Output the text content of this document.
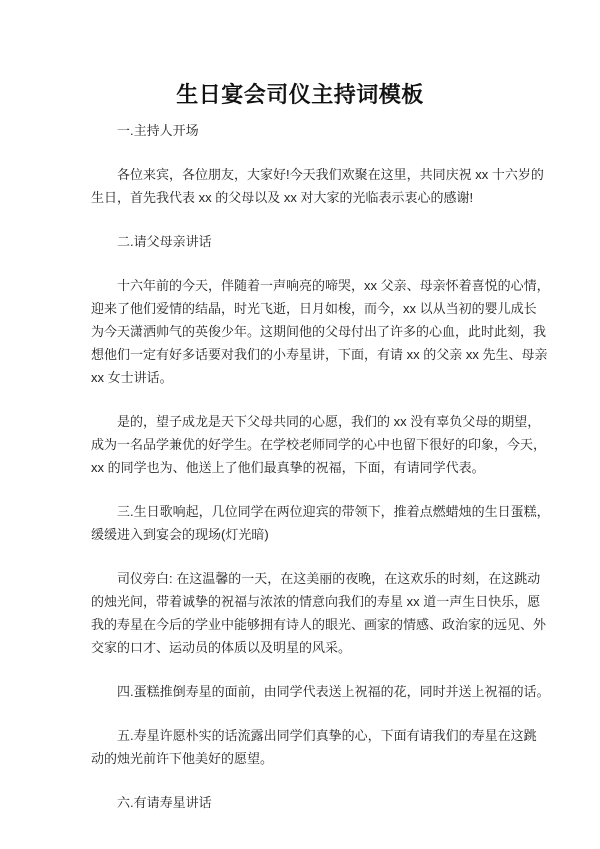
生日宴会司仪主持词模板
一.主持人开场
各位来宾，各位朋友，大家好!今天我们欢聚在这里，共同庆祝 xx 十六岁的
生日，首先我代表 xx 的父母以及 xx 对大家的光临表示衷心的感谢!
二.请父母亲讲话
十六年前的今天，伴随着一声响亮的啼哭，xx 父亲、母亲怀着喜悦的心情，
迎来了他们爱情的结晶，时光飞逝，日月如梭，而今，xx 以从当初的婴儿成长
为今天潇洒帅气的英俊少年。这期间他的父母付出了许多的心血，此时此刻，我
想他们一定有好多话要对我们的小寿星讲，下面，有请 xx 的父亲 xx 先生、母亲
xx 女士讲话。
是的，望子成龙是天下父母共同的心愿，我们的 xx 没有辜负父母的期望，
成为一名品学兼优的好学生。在学校老师同学的心中也留下很好的印象，今天，
xx 的同学也为、他送上了他们最真挚的祝福，下面，有请同学代表。
三.生日歌响起，几位同学在两位迎宾的带领下，推着点燃蜡烛的生日蛋糕，
缓缓进入到宴会的现场(灯光暗)
司仪旁白: 在这温馨的一天，在这美丽的夜晚，在这欢乐的时刻，在这跳动
的烛光间，带着诚挚的祝福与浓浓的情意向我们的寿星 xx 道一声生日快乐，愿
我的寿星在今后的学业中能够拥有诗人的眼光、画家的情感、政治家的远见、外
交家的口才、运动员的体质以及明星的风采。
四.蛋糕推倒寿星的面前，由同学代表送上祝福的花，同时并送上祝福的话。
五.寿星许愿朴实的话流露出同学们真挚的心，下面有请我们的寿星在这跳
动的烛光前许下他美好的愿望。
六.有请寿星讲话
